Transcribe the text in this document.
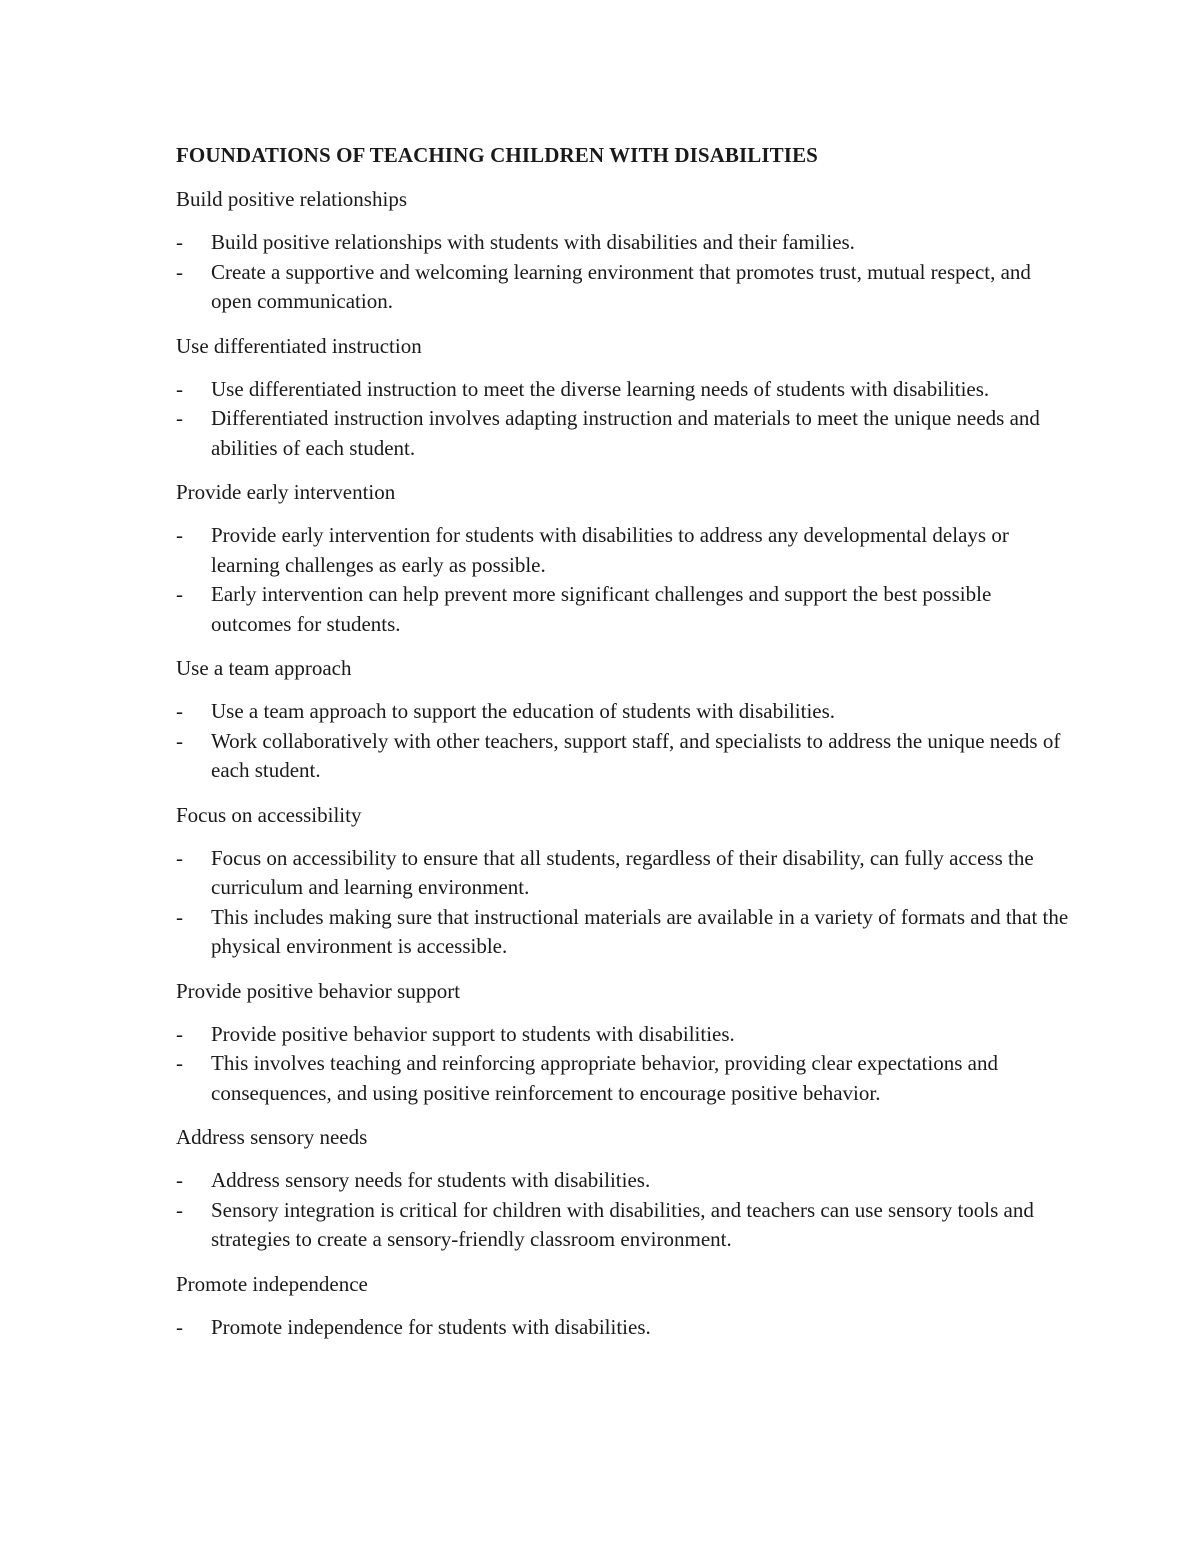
FOUNDATIONS OF TEACHING CHILDREN WITH DISABILITIES

Build positive relationships

- Build positive relationships with students with disabilities and their families.
- Create a supportive and welcoming learning environment that promotes trust, mutual respect, and open communication.

Use differentiated instruction

- Use differentiated instruction to meet the diverse learning needs of students with disabilities.
- Differentiated instruction involves adapting instruction and materials to meet the unique needs and abilities of each student.

Provide early intervention

- Provide early intervention for students with disabilities to address any developmental delays or learning challenges as early as possible.
- Early intervention can help prevent more significant challenges and support the best possible outcomes for students.

Use a team approach

- Use a team approach to support the education of students with disabilities.
- Work collaboratively with other teachers, support staff, and specialists to address the unique needs of each student.

Focus on accessibility

- Focus on accessibility to ensure that all students, regardless of their disability, can fully access the curriculum and learning environment.
- This includes making sure that instructional materials are available in a variety of formats and that the physical environment is accessible.

Provide positive behavior support

- Provide positive behavior support to students with disabilities.
- This involves teaching and reinforcing appropriate behavior, providing clear expectations and consequences, and using positive reinforcement to encourage positive behavior.

Address sensory needs

- Address sensory needs for students with disabilities.
- Sensory integration is critical for children with disabilities, and teachers can use sensory tools and strategies to create a sensory-friendly classroom environment.

Promote independence

- Promote independence for students with disabilities.
